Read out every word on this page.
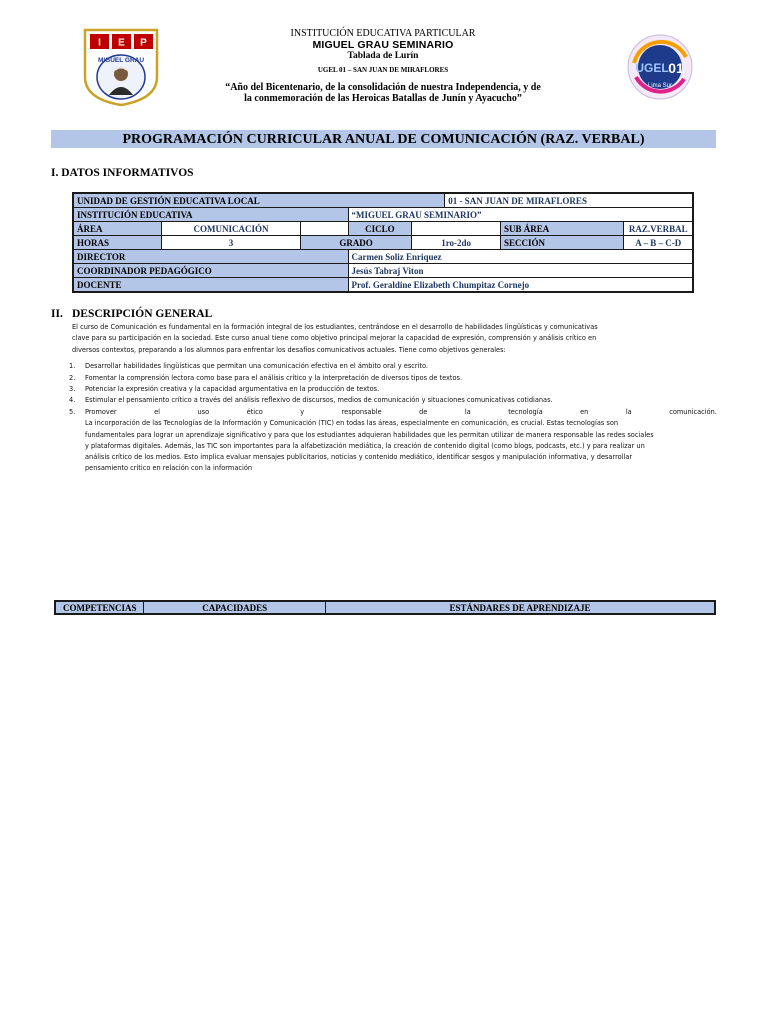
I E P
MIGUEL GRAU
INSTITUCIÓN EDUCATIVA PARTICULAR
MIGUEL GRAU SEMINARIO
Tablada de Lurín
UGEL 01 – SAN JUAN DE MIRAFLORES
“Año del Bicentenario, de la consolidación de nuestra Independencia, y de
la conmemoración de las Heroicas Batallas de Junín y Ayacucho”
UGEL 01
Lima Sur
PROGRAMACIÓN CURRICULAR ANUAL DE COMUNICACIÓN (RAZ. VERBAL)
I. DATOS INFORMATIVOS
UNIDAD DE GESTIÓN EDUCATIVA LOCAL					01 - SAN JUAN DE MIRAFLORES		
INSTITUCIÓN EDUCATIVA			“MIGUEL GRAU SEMINARIO”				
ÁREA	COMUNICACIÓN		CICLO			SUB ÁREA	RAZ.VERBAL
HORAS	3	GRADO		1ro-2do		SECCIÓN	A – B – C-D
DIRECTOR			Carmen Soliz Enriquez				
COORDINADOR PEDAGÓGICO			Jesús Tabraj Viton				
DOCENTE			Prof. Geraldine Elizabeth Chumpitaz Cornejo				
II. DESCRIPCIÓN GENERAL
El curso de Comunicación es fundamental en la formación integral de los estudiantes, centrándose en el desarrollo de habilidades lingüísticas y comunicativas
clave para su participación en la sociedad. Este curso anual tiene como objetivo principal mejorar la capacidad de expresión, comprensión y análisis crítico en
diversos contextos, preparando a los alumnos para enfrentar los desafíos comunicativos actuales. Tiene como objetivos generales:
1. Desarrollar habilidades lingüísticas que permitan una comunicación efectiva en el ámbito oral y escrito.
2. Fomentar la comprensión lectora como base para el análisis crítico y la interpretación de diversos tipos de textos.
3. Potenciar la expresión creativa y la capacidad argumentativa en la producción de textos.
4. Estimular el pensamiento crítico a través del análisis reflexivo de discursos, medios de comunicación y situaciones comunicativas cotidianas.
5. Promover	el	uso	ético	y	responsable	de	la	tecnología	en	la	comunicación.
La incorporación de las Tecnologías de la Información y Comunicación (TIC) en todas las áreas, especialmente en comunicación, es crucial. Estas tecnologías son
fundamentales para lograr un aprendizaje significativo y para que los estudiantes adquieran habilidades que les permitan utilizar de manera responsable las redes sociales
y plataformas digitales. Además, las TIC son importantes para la alfabetización mediática, la creación de contenido digital (como blogs, podcasts, etc.) y para realizar un
análisis crítico de los medios. Esto implica evaluar mensajes publicitarios, noticias y contenido mediático, identificar sesgos y manipulación informativa, y desarrollar
pensamiento crítico en relación con la información
COMPETENCIAS	CAPACIDADES	ESTÁNDARES DE APRENDIZAJE
